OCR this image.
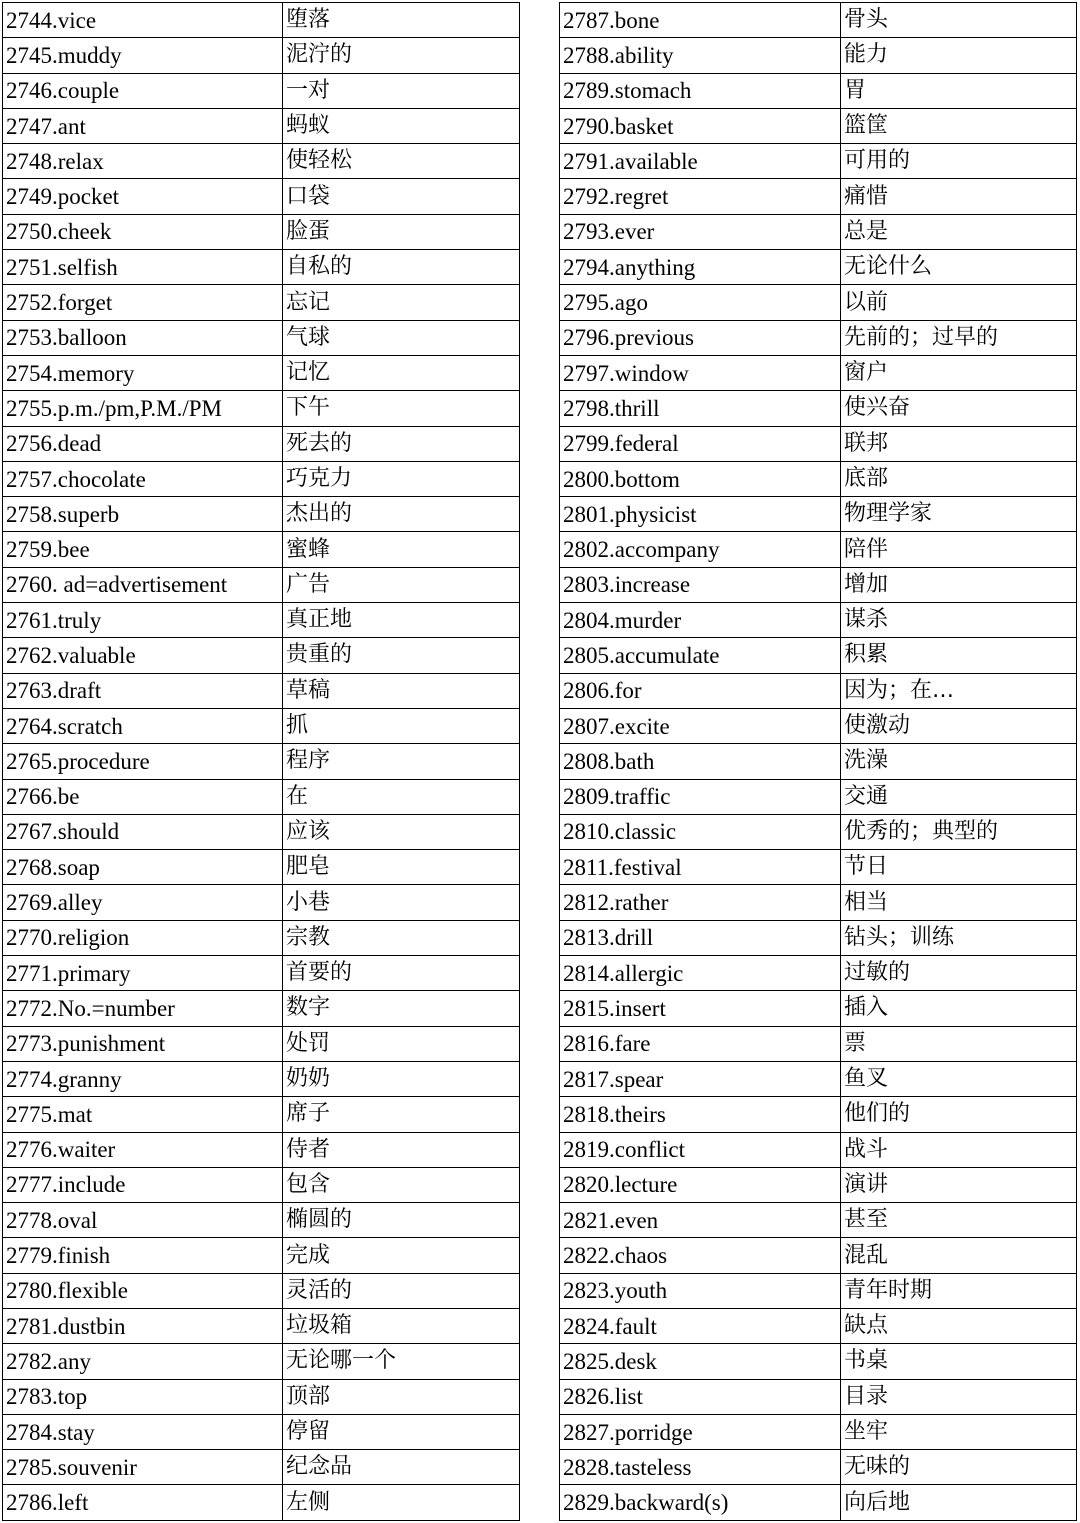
2744.vice	堕落
2745.muddy	泥泞的
2746.couple	一对
2747.ant	蚂蚁
2748.relax	使轻松
2749.pocket	口袋
2750.cheek	脸蛋
2751.selfish	自私的
2752.forget	忘记
2753.balloon	气球
2754.memory	记忆
2755.p.m./pm,P.M./PM	下午
2756.dead	死去的
2757.chocolate	巧克力
2758.superb	杰出的
2759.bee	蜜蜂
2760. ad=advertisement	广告
2761.truly	真正地
2762.valuable	贵重的
2763.draft	草稿
2764.scratch	抓
2765.procedure	程序
2766.be	在
2767.should	应该
2768.soap	肥皂
2769.alley	小巷
2770.religion	宗教
2771.primary	首要的
2772.No.=number	数字
2773.punishment	处罚
2774.granny	奶奶
2775.mat	席子
2776.waiter	侍者
2777.include	包含
2778.oval	椭圆的
2779.finish	完成
2780.flexible	灵活的
2781.dustbin	垃圾箱
2782.any	无论哪一个
2783.top	顶部
2784.stay	停留
2785.souvenir	纪念品
2786.left	左侧
2787.bone	骨头
2788.ability	能力
2789.stomach	胃
2790.basket	篮筐
2791.available	可用的
2792.regret	痛惜
2793.ever	总是
2794.anything	无论什么
2795.ago	以前
2796.previous	先前的；过早的
2797.window	窗户
2798.thrill	使兴奋
2799.federal	联邦
2800.bottom	底部
2801.physicist	物理学家
2802.accompany	陪伴
2803.increase	增加
2804.murder	谋杀
2805.accumulate	积累
2806.for	因为；在…
2807.excite	使激动
2808.bath	洗澡
2809.traffic	交通
2810.classic	优秀的；典型的
2811.festival	节日
2812.rather	相当
2813.drill	钻头；训练
2814.allergic	过敏的
2815.insert	插入
2816.fare	票
2817.spear	鱼叉
2818.theirs	他们的
2819.conflict	战斗
2820.lecture	演讲
2821.even	甚至
2822.chaos	混乱
2823.youth	青年时期
2824.fault	缺点
2825.desk	书桌
2826.list	目录
2827.porridge	坐牢
2828.tasteless	无味的
2829.backward(s)	向后地
